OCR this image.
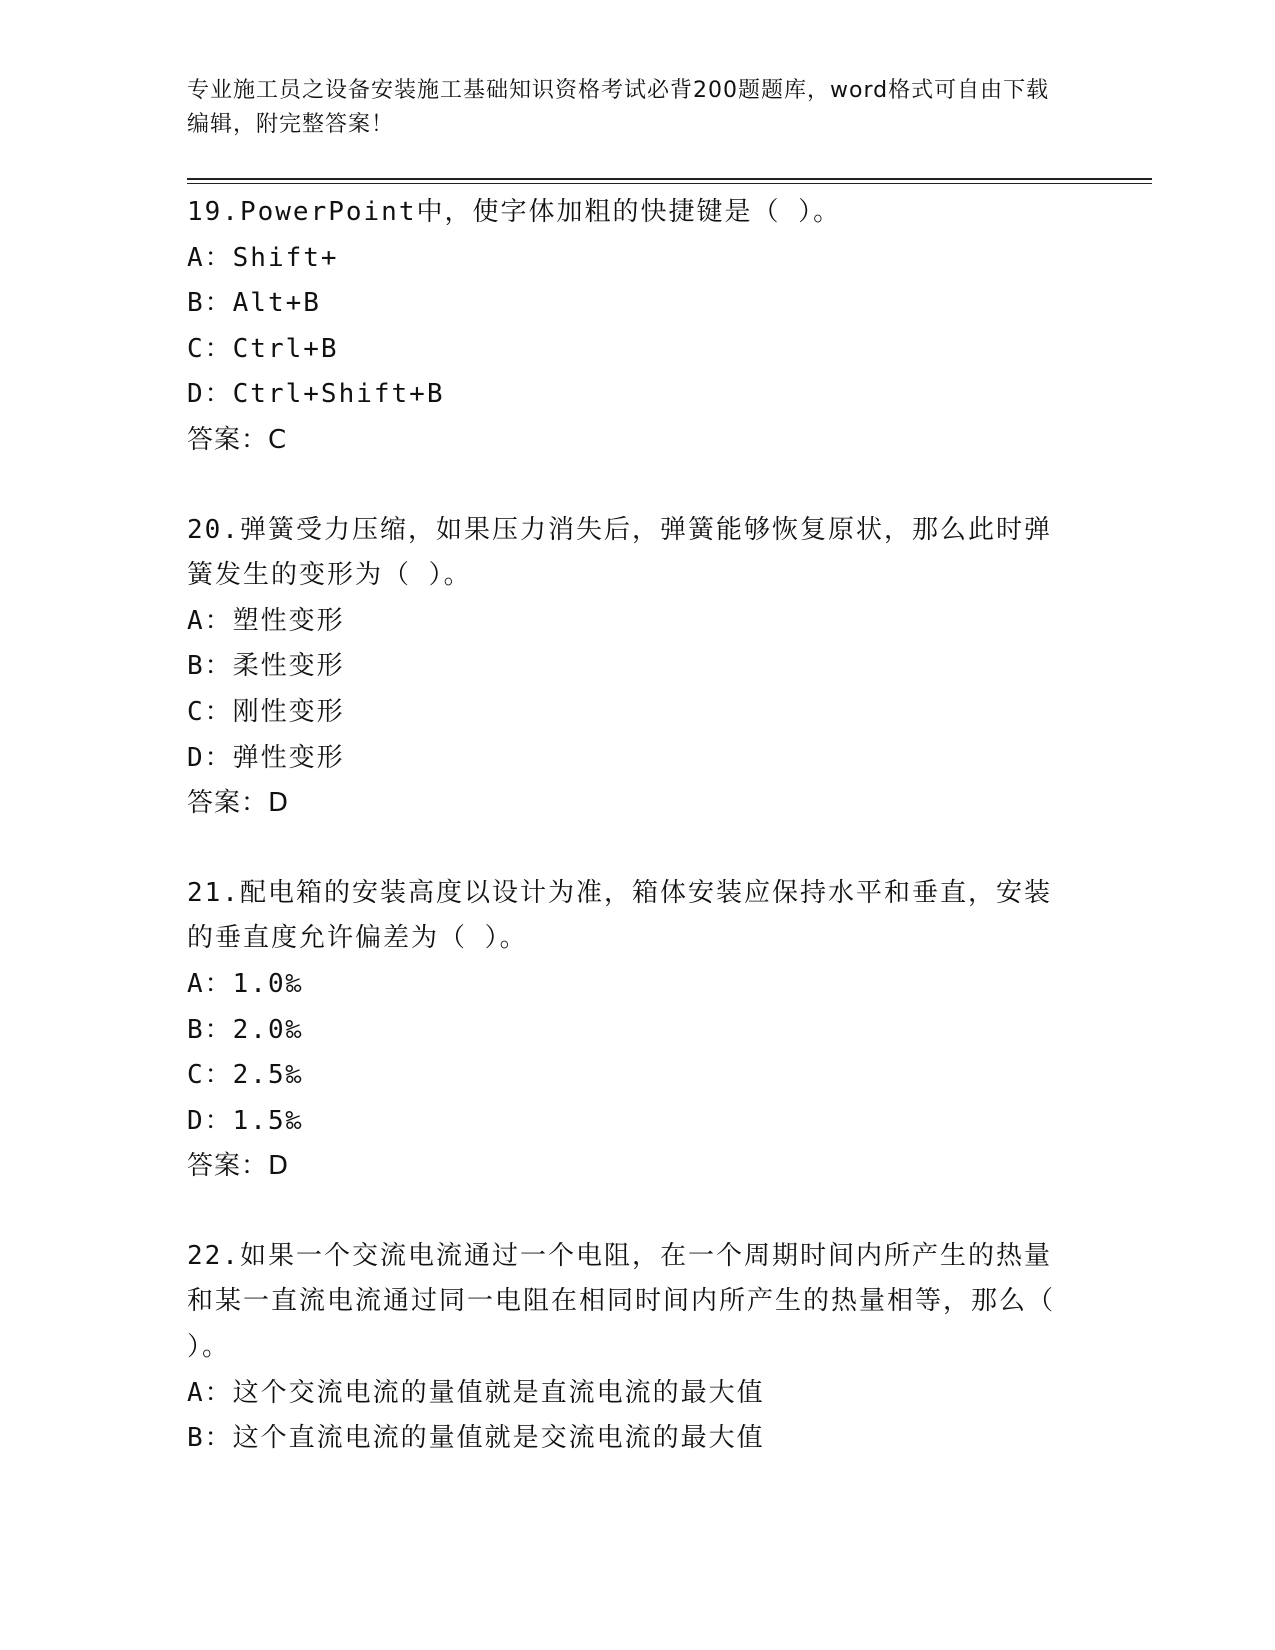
专业施工员之设备安装施工基础知识资格考试必背200题题库，word格式可自由下载编辑，附完整答案！
19.PowerPoint中，使字体加粗的快捷键是（ ）。
A：Shift+
B：Alt+B
C：Ctrl+B
D：Ctrl+Shift+B
答案：C
20.弹簧受力压缩，如果压力消失后，弹簧能够恢复原状，那么此时弹簧发生的变形为（ ）。
A：塑性变形
B：柔性变形
C：刚性变形
D：弹性变形
答案：D
21.配电箱的安装高度以设计为准，箱体安装应保持水平和垂直，安装的垂直度允许偏差为（ ）。
A：1.0‰
B：2.0‰
C：2.5‰
D：1.5‰
答案：D
22.如果一个交流电流通过一个电阻，在一个周期时间内所产生的热量和某一直流电流通过同一电阻在相同时间内所产生的热量相等，那么（ ）。
A：这个交流电流的量值就是直流电流的最大值
B：这个直流电流的量值就是交流电流的最大值
